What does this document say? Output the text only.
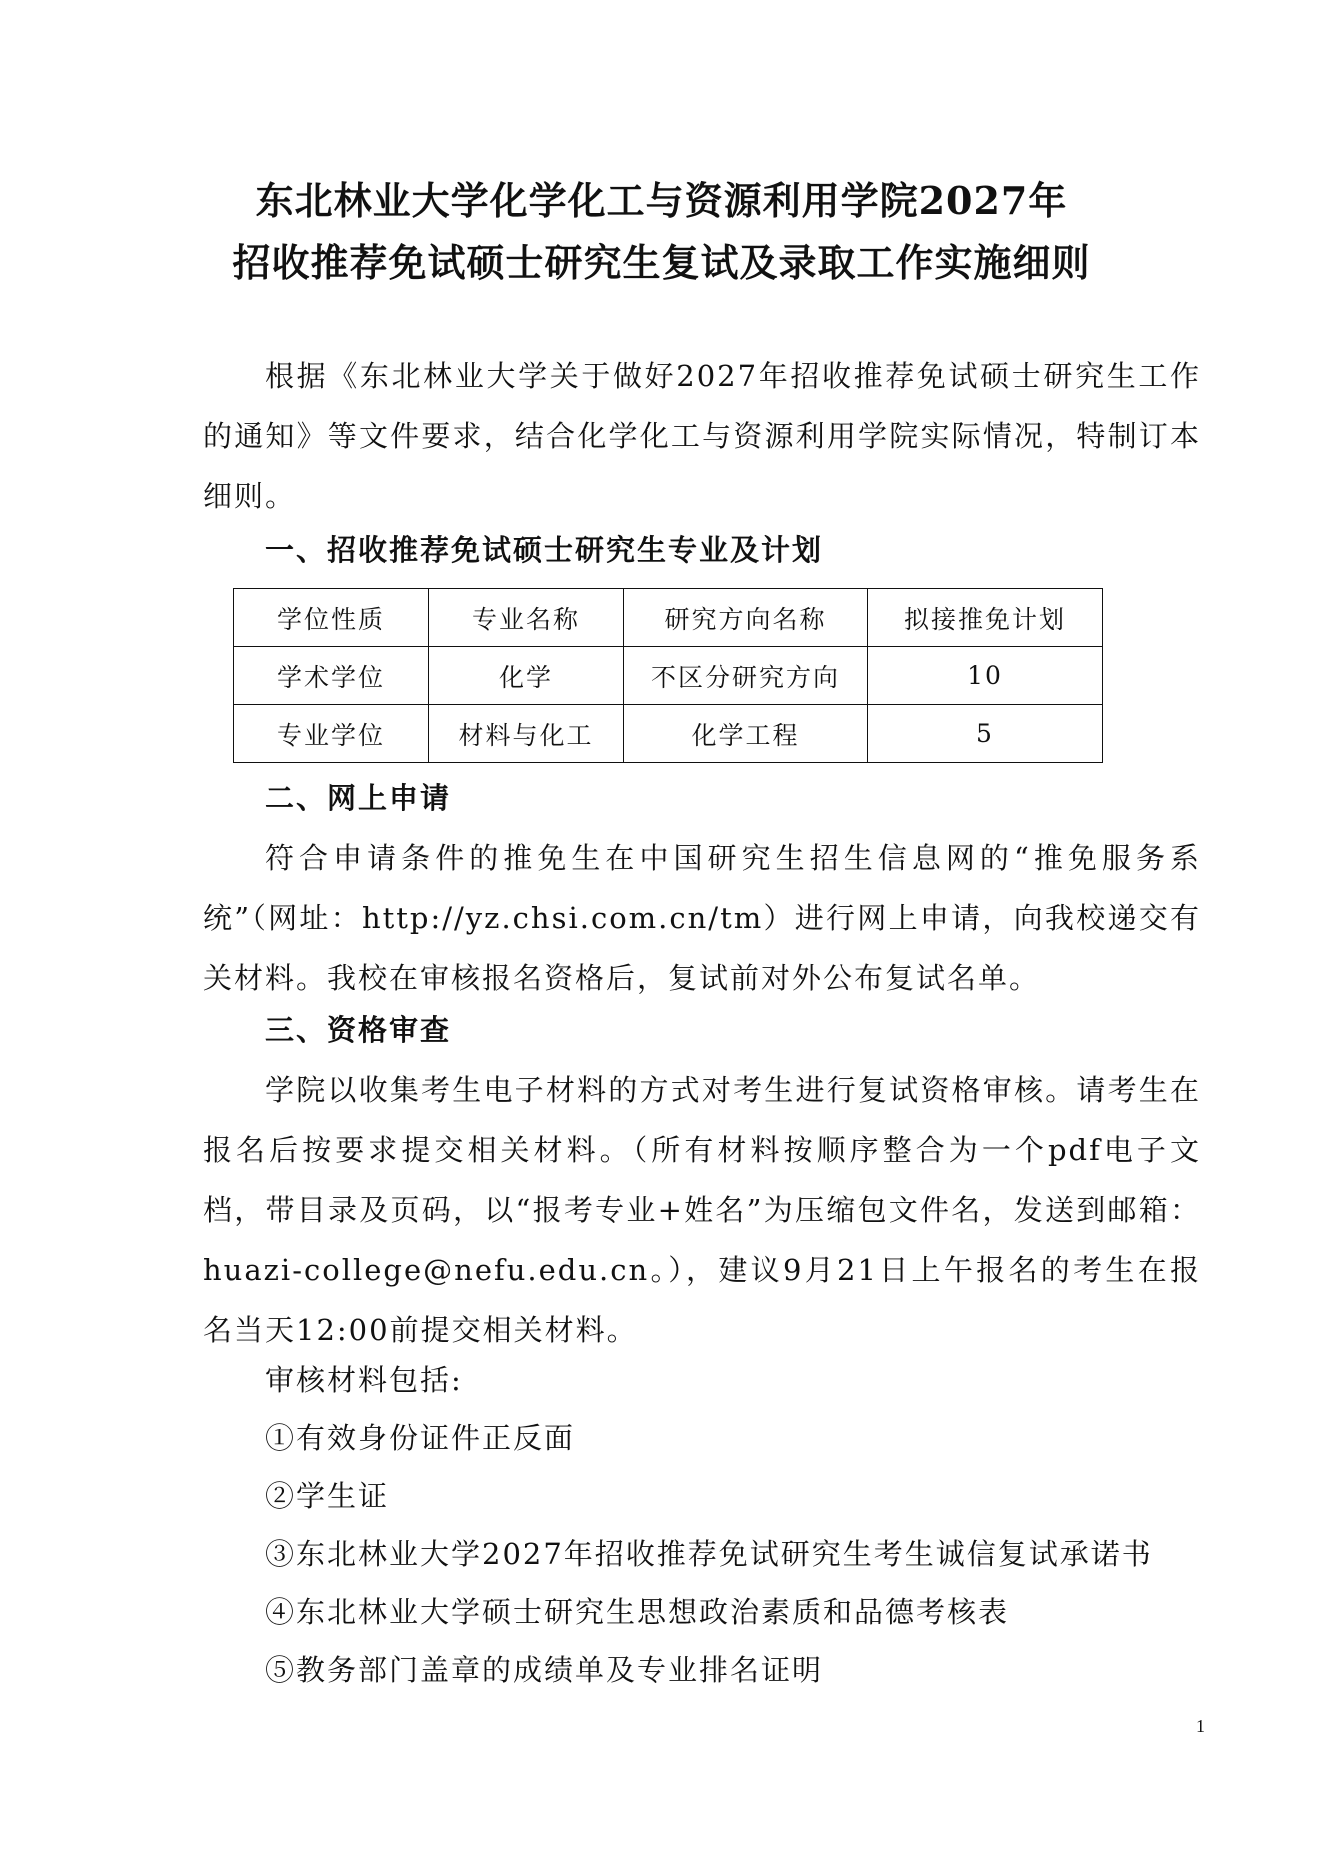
东北林业大学化学化工与资源利用学院2027年
招收推荐免试硕士研究生复试及录取工作实施细则
根据《东北林业大学关于做好2027年招收推荐免试硕士研究生工作的通知》等文件要求，结合化学化工与资源利用学院实际情况，特制订本细则。
一、招收推荐免试硕士研究生专业及计划
学位性质	专业名称	研究方向名称	拟接推免计划
学术学位	化学	不区分研究方向	10
专业学位	材料与化工	化学工程	5
二、网上申请
符合申请条件的推免生在中国研究生招生信息网的“推免服务系统”（网址：http://yz.chsi.com.cn/tm）进行网上申请，向我校递交有关材料。我校在审核报名资格后，复试前对外公布复试名单。
三、资格审查
学院以收集考生电子材料的方式对考生进行复试资格审核。请考生在报名后按要求提交相关材料。（所有材料按顺序整合为一个pdf电子文档，带目录及页码，以“报考专业+姓名”为压缩包文件名，发送到邮箱：huazi-college@nefu.edu.cn。），建议9月21日上午报名的考生在报名当天12:00前提交相关材料。
审核材料包括:
①有效身份证件正反面
②学生证
③东北林业大学2027年招收推荐免试研究生考生诚信复试承诺书
④东北林业大学硕士研究生思想政治素质和品德考核表
⑤教务部门盖章的成绩单及专业排名证明
1
